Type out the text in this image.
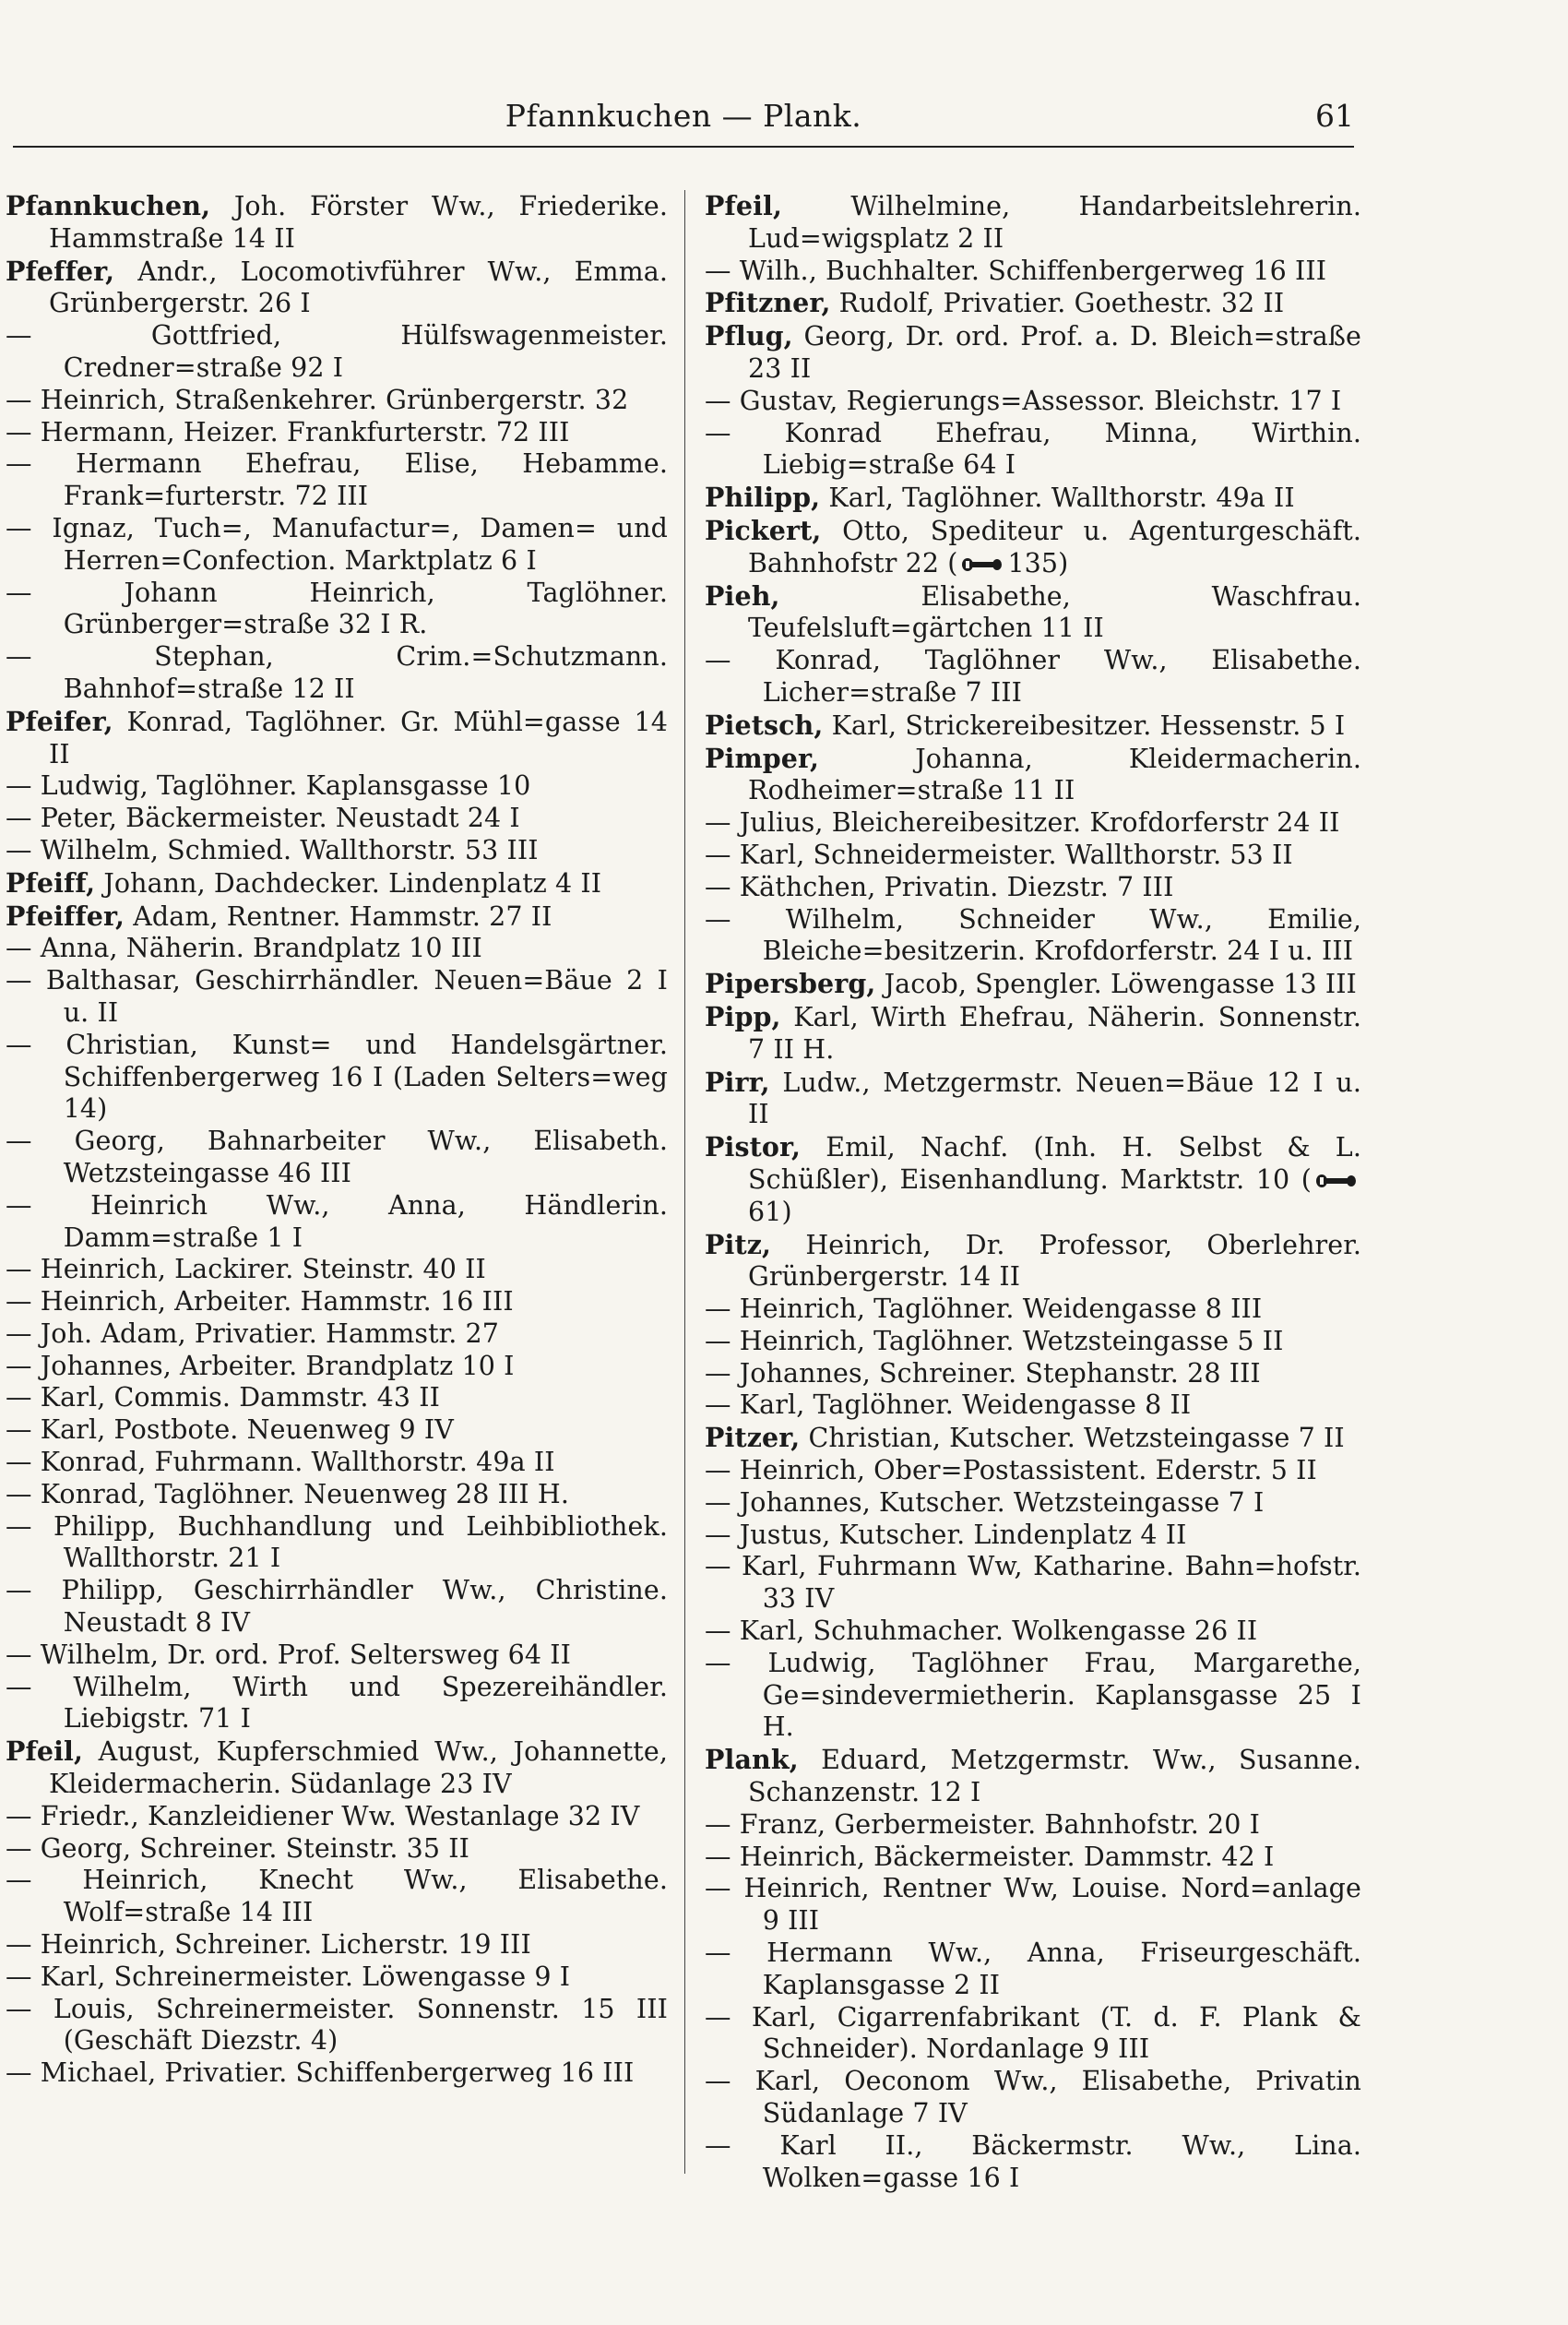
Pfannkuchen — Plank.	61

Pfannkuchen, Joh. Förster Ww., Friederike. Hammstraße 14 II

Pfeffer, Andr., Locomotivführer Ww., Emma. Grünbergerstr. 26 I

—	Gottfried, Hülfswagenmeister. Credner=straße 92 I

— Heinrich, Straßenkehrer. Grünbergerstr. 32

— Hermann, Heizer. Frankfurterstr. 72 III

— Hermann Ehefrau, Elise, Hebamme. Frank=furterstr. 72 III

— Ignaz, Tuch=, Manufactur=, Damen= und Herren=Confection. Marktplatz 6 I

—	Johann Heinrich, Taglöhner. Grünberger=straße 32 I R.

—	Stephan, Crim.=Schutzmann. Bahnhof=straße 12 II

Pfeifer, Konrad, Taglöhner. Gr. Mühl=gasse 14 II

— Ludwig, Taglöhner. Kaplansgasse 10

— Peter, Bäckermeister. Neustadt 24 I

— Wilhelm, Schmied. Wallthorstr. 53 III

Pfeiff, Johann, Dachdecker. Lindenplatz 4 II

Pfeiffer, Adam, Rentner. Hammstr. 27 II

— Anna, Näherin. Brandplatz 10 III

— Balthasar, Geschirrhändler. Neuen=Bäue 2 I u. II

— Christian, Kunst= und Handelsgärtner. Schiffenbergerweg 16 I (Laden Selters=weg 14)

— Georg, Bahnarbeiter Ww., Elisabeth. Wetzsteingasse 46 III

— Heinrich Ww., Anna, Händlerin. Damm=straße 1 I

— Heinrich, Lackirer. Steinstr. 40 II

— Heinrich, Arbeiter. Hammstr. 16 III

— Joh. Adam, Privatier. Hammstr. 27

— Johannes, Arbeiter. Brandplatz 10 I

— Karl, Commis. Dammstr. 43 II

— Karl, Postbote. Neuenweg 9 IV

— Konrad, Fuhrmann. Wallthorstr. 49a II

— Konrad, Taglöhner. Neuenweg 28 III H.

— Philipp, Buchhandlung und Leihbibliothek. Wallthorstr. 21 I

— Philipp, Geschirrhändler Ww., Christine. Neustadt 8 IV

— Wilhelm, Dr. ord. Prof. Seltersweg 64 II

— Wilhelm, Wirth und Spezereihändler. Liebigstr. 71 I

Pfeil, August, Kupferschmied Ww., Johannette, Kleidermacherin. Südanlage 23 IV

— Friedr., Kanzleidiener Ww. Westanlage 32 IV

— Georg, Schreiner. Steinstr. 35 II

— Heinrich, Knecht Ww., Elisabethe. Wolf=straße 14 III

— Heinrich, Schreiner. Licherstr. 19 III

— Karl, Schreinermeister. Löwengasse 9 I

— Louis, Schreinermeister. Sonnenstr. 15 III (Geschäft Diezstr. 4)

— Michael, Privatier. Schiffenbergerweg 16 III

Pfeil,	Wilhelmine, Handarbeitslehrerin. Lud=wigsplatz 2 II

— Wilh., Buchhalter. Schiffenbergerweg 16 III

Pfitzner, Rudolf, Privatier. Goethestr. 32 II

Pflug, Georg, Dr. ord. Prof. a. D. Bleich=straße 23 II

— Gustav, Regierungs=Assessor. Bleichstr. 17 I

— Konrad Ehefrau, Minna, Wirthin. Liebig=straße 64 I

Philipp, Karl, Taglöhner. Wallthorstr. 49a II

Pickert, Otto, Spediteur u. Agenturgeschäft. Bahnhofstr 22 ( 135)

Pieh,	Elisabethe, Waschfrau. Teufelsluft=gärtchen 11 II

— Konrad, Taglöhner Ww., Elisabethe. Licher=straße 7 III

Pietsch, Karl, Strickereibesitzer. Hessenstr. 5 I

Pimper,	Johanna, Kleidermacherin. Rodheimer=straße 11 II

— Julius, Bleichereibesitzer. Krofdorferstr 24 II

— Karl, Schneidermeister. Wallthorstr. 53 II

— Käthchen, Privatin. Diezstr. 7 III

— Wilhelm, Schneider Ww., Emilie, Bleiche=besitzerin. Krofdorferstr. 24 I u. III

Pipersberg, Jacob, Spengler. Löwengasse 13 III

Pipp, Karl, Wirth Ehefrau, Näherin. Sonnenstr. 7 II H.

Pirr, Ludw., Metzgermstr. Neuen=Bäue 12 I u. II

Pistor, Emil, Nachf. (Inh. H. Selbst & L. Schüßler), Eisenhandlung. Marktstr. 10 (61)

Pitz, Heinrich, Dr. Professor, Oberlehrer. Grünbergerstr. 14 II

— Heinrich, Taglöhner. Weidengasse 8 III

— Heinrich, Taglöhner. Wetzsteingasse 5 II

— Johannes, Schreiner. Stephanstr. 28 III

— Karl, Taglöhner. Weidengasse 8 II

Pitzer, Christian, Kutscher. Wetzsteingasse 7 II

— Heinrich, Ober=Postassistent. Ederstr. 5 II

— Johannes, Kutscher. Wetzsteingasse 7 I

— Justus, Kutscher. Lindenplatz 4 II

— Karl, Fuhrmann Ww, Katharine. Bahn=hofstr. 33 IV

— Karl, Schuhmacher. Wolkengasse 26 II

— Ludwig, Taglöhner Frau, Margarethe, Ge=sindevermietherin. Kaplansgasse 25 I H.

Plank, Eduard, Metzgermstr. Ww., Susanne. Schanzenstr. 12 I

— Franz, Gerbermeister. Bahnhofstr. 20 I

— Heinrich, Bäckermeister. Dammstr. 42 I

— Heinrich, Rentner Ww, Louise. Nord=anlage 9 III

— Hermann Ww., Anna, Friseurgeschäft. Kaplansgasse 2 II

— Karl, Cigarrenfabrikant (T. d. F. Plank & Schneider). Nordanlage 9 III

— Karl, Oeconom Ww., Elisabethe, Privatin Südanlage 7 IV

— Karl II., Bäckermstr. Ww., Lina. Wolken=gasse 16 I
